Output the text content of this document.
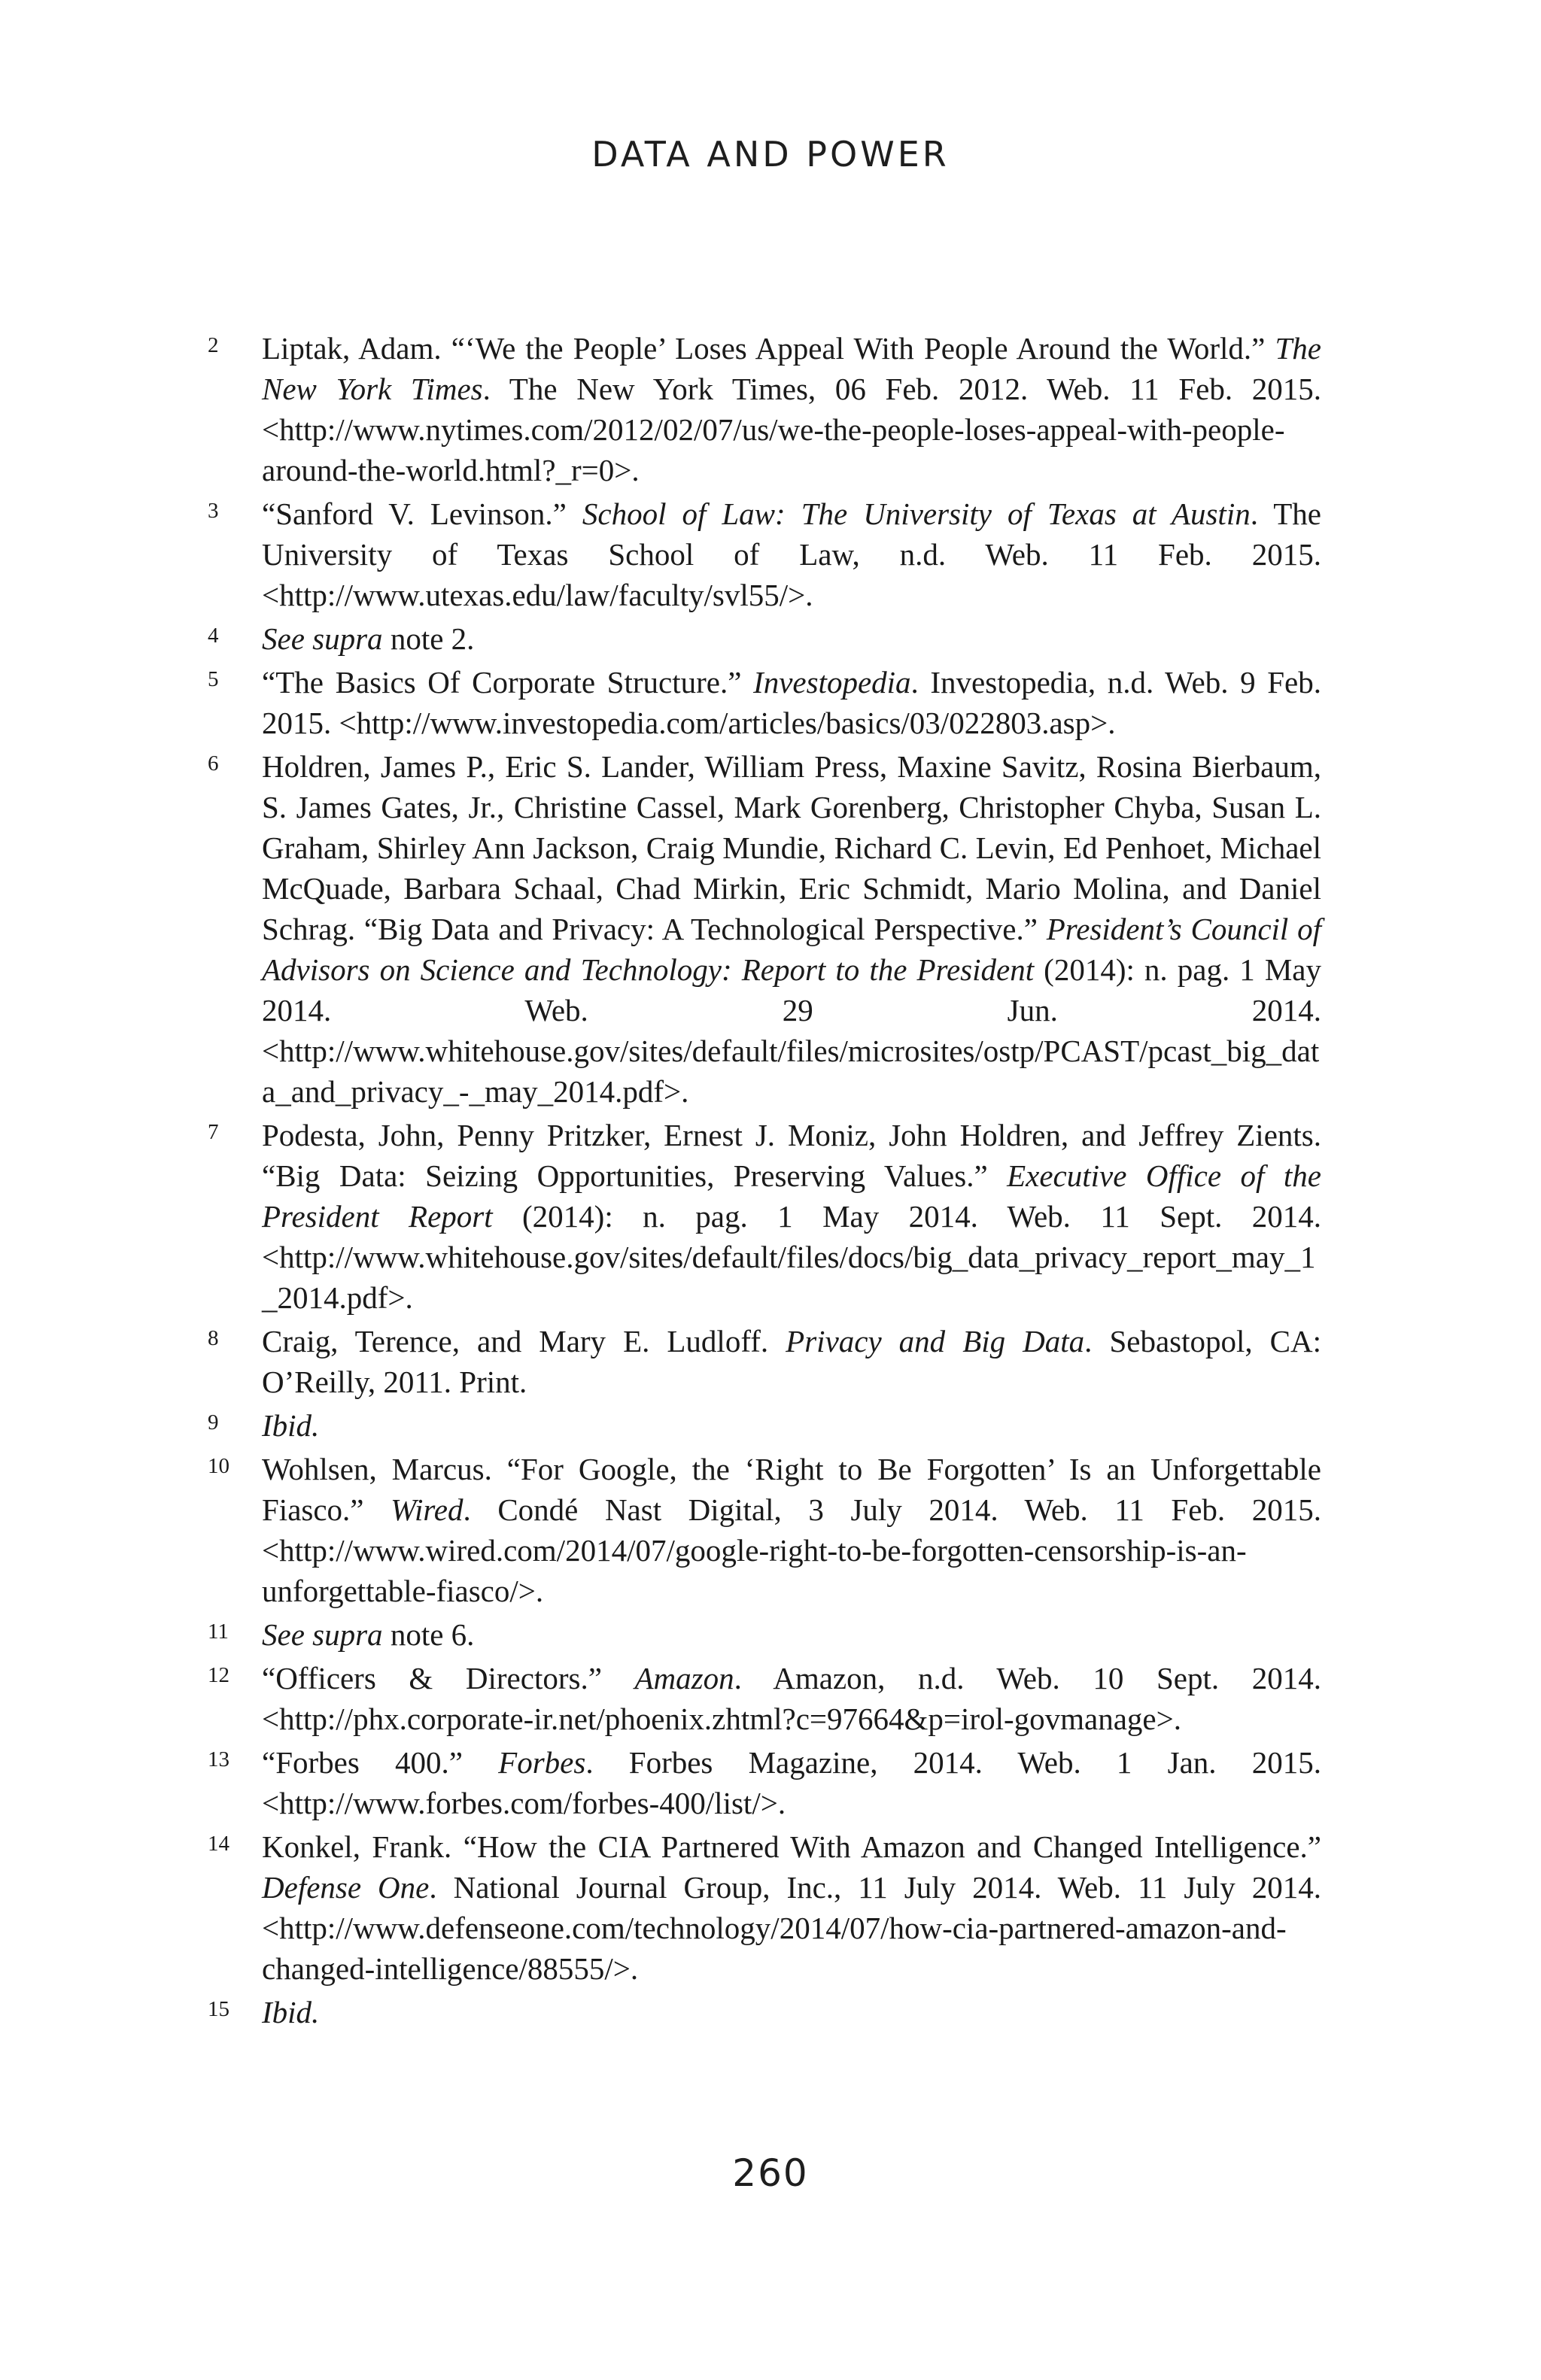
DATA AND POWER
2 Liptak, Adam. “‘We the People’ Loses Appeal With People Around the World.” The New York Times. The New York Times, 06 Feb. 2012. Web. 11 Feb. 2015. <http://www.nytimes.com/2012/02/07/us/we-the-people-loses-appeal-with-people-around-the-world.html?_r=0>.
3 “Sanford V. Levinson.” School of Law: The University of Texas at Austin. The University of Texas School of Law, n.d. Web. 11 Feb. 2015. <http://www.utexas.edu/law/faculty/svl55/>.
4 See supra note 2.
5 “The Basics Of Corporate Structure.” Investopedia. Investopedia, n.d. Web. 9 Feb. 2015. <http://www.investopedia.com/articles/basics/03/022803.asp>.
6 Holdren, James P., Eric S. Lander, William Press, Maxine Savitz, Rosina Bierbaum, S. James Gates, Jr., Christine Cassel, Mark Gorenberg, Christopher Chyba, Susan L. Graham, Shirley Ann Jackson, Craig Mundie, Richard C. Levin, Ed Penhoet, Michael McQuade, Barbara Schaal, Chad Mirkin, Eric Schmidt, Mario Molina, and Daniel Schrag. “Big Data and Privacy: A Technological Perspective.” President’s Council of Advisors on Science and Technology: Report to the President (2014): n. pag. 1 May 2014. Web. 29 Jun. 2014. <http://www.whitehouse.gov/sites/default/files/microsites/ostp/PCAST/pcast_big_data_and_privacy_-_may_2014.pdf>.
7 Podesta, John, Penny Pritzker, Ernest J. Moniz, John Holdren, and Jeffrey Zients. “Big Data: Seizing Opportunities, Preserving Values.” Executive Office of the President Report (2014): n. pag. 1 May 2014. Web. 11 Sept. 2014. <http://www.whitehouse.gov/sites/default/files/docs/big_data_privacy_report_may_1_2014.pdf>.
8 Craig, Terence, and Mary E. Ludloff. Privacy and Big Data. Sebastopol, CA: O’Reilly, 2011. Print.
9 Ibid.
10 Wohlsen, Marcus. “For Google, the ‘Right to Be Forgotten’ Is an Unforgettable Fiasco.” Wired. Condé Nast Digital, 3 July 2014. Web. 11 Feb. 2015. <http://www.wired.com/2014/07/google-right-to-be-forgotten-censorship-is-an-unforgettable-fiasco/>.
11 See supra note 6.
12 “Officers & Directors.” Amazon. Amazon, n.d. Web. 10 Sept. 2014. <http://phx.corporate-ir.net/phoenix.zhtml?c=97664&p=irol-govmanage>.
13 “Forbes 400.” Forbes. Forbes Magazine, 2014. Web. 1 Jan. 2015. <http://www.forbes.com/forbes-400/list/>.
14 Konkel, Frank. “How the CIA Partnered With Amazon and Changed Intelligence.” Defense One. National Journal Group, Inc., 11 July 2014. Web. 11 July 2014. <http://www.defenseone.com/technology/2014/07/how-cia-partnered-amazon-and-changed-intelligence/88555/>.
15 Ibid.
260
